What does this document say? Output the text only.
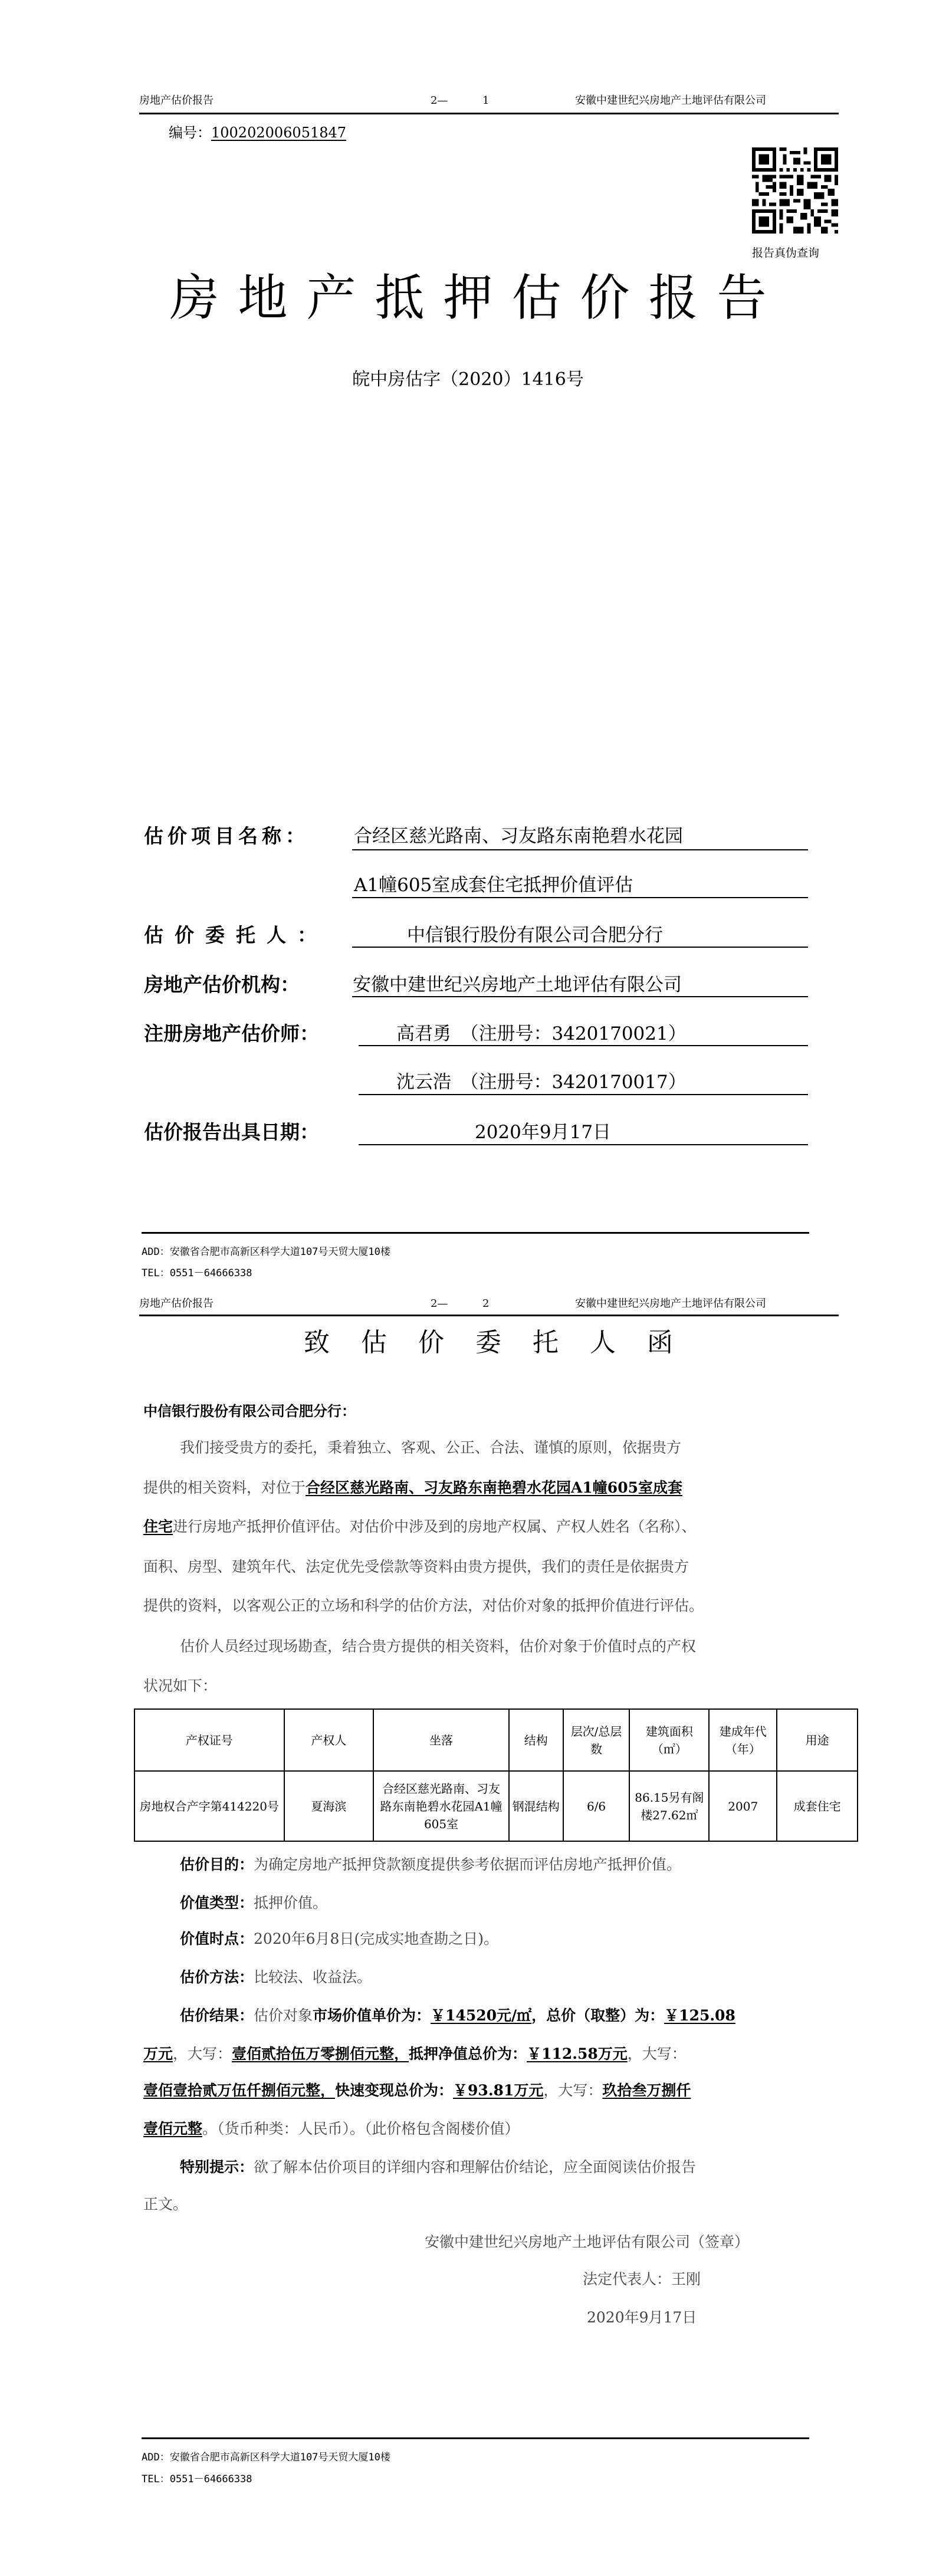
房地产估价报告	2—	1	安徽中建世纪兴房地产土地评估有限公司
编号：100202006051847
报告真伪查询
房地产抵押估价报告
皖中房估字（2020）1416号
估价项目名称： 合经区慈光路南、习友路东南艳碧水花园
A1幢605室成套住宅抵押价值评估
估价委托人：	中信银行股份有限公司合肥分行
房地产估价机构：	安徽中建世纪兴房地产土地评估有限公司
注册房地产估价师：	高君勇　（注册号：3420170021）
沈云浩　（注册号：3420170017）
估价报告出具日期：	2020年9月17日
ADD：安徽省合肥市高新区科学大道107号天贸大厦10楼
TEL：0551－64666338
房地产估价报告	2—	2	安徽中建世纪兴房地产土地评估有限公司
致估价委托人函
中信银行股份有限公司合肥分行：
我们接受贵方的委托，秉着独立、客观、公正、合法、谨慎的原则，依据贵方
提供的相关资料，对位于合经区慈光路南、习友路东南艳碧水花园A1幢605室成套
住宅进行房地产抵押价值评估。对估价中涉及到的房地产权属、产权人姓名（名称）、
面积、房型、建筑年代、法定优先受偿款等资料由贵方提供，我们的责任是依据贵方
提供的资料，以客观公正的立场和科学的估价方法，对估价对象的抵押价值进行评估。
估价人员经过现场勘查，结合贵方提供的相关资料，估价对象于价值时点的产权
状况如下：
产权证号	产权人	坐落	结构	层次/总层数	建筑面积（㎡）	建成年代（年）	用途
房地权合产字第414220号	夏海滨	合经区慈光路南、习友路东南艳碧水花园A1幢605室	钢混结构	6/6	86.15另有阁楼27.62㎡	2007	成套住宅
估价目的：为确定房地产抵押贷款额度提供参考依据而评估房地产抵押价值。
价值类型：抵押价值。
价值时点：2020年6月8日(完成实地查勘之日)。
估价方法：比较法、收益法。
估价结果：估价对象市场价值单价为：￥14520元/㎡，总价（取整）为：￥125.08
万元，大写：壹佰贰拾伍万零捌佰元整，抵押净值总价为：￥112.58万元，大写：
壹佰壹拾贰万伍仟捌佰元整，快速变现总价为：￥93.81万元，大写：玖拾叁万捌仟
壹佰元整。（货币种类：人民币）。（此价格包含阁楼价值）
特别提示：欲了解本估价项目的详细内容和理解估价结论，应全面阅读估价报告
正文。
安徽中建世纪兴房地产土地评估有限公司（签章）
法定代表人：王刚
2020年9月17日
ADD：安徽省合肥市高新区科学大道107号天贸大厦10楼
TEL：0551－64666338
